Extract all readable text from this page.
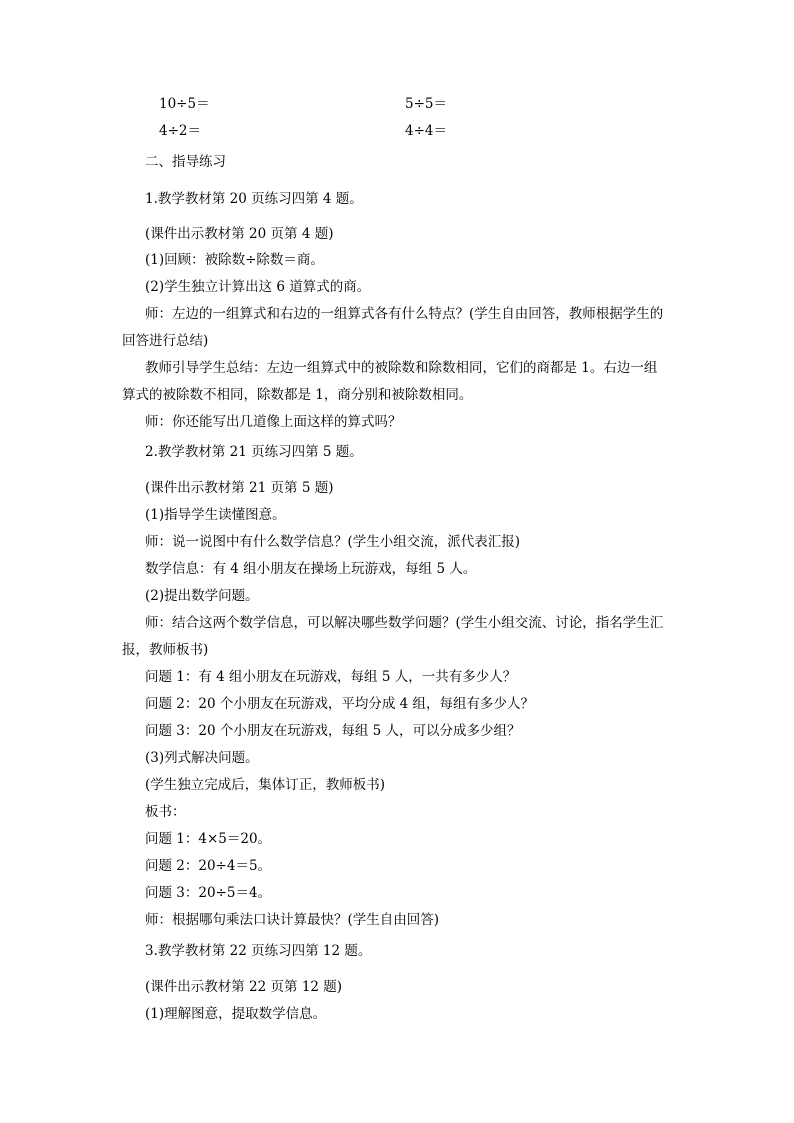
10÷5＝	5÷5＝
4÷2＝	4÷4＝
二、指导练习
1.教学教材第 20 页练习四第 4 题。
(课件出示教材第 20 页第 4 题)
(1)回顾：被除数÷除数＝商。
(2)学生独立计算出这 6 道算式的商。
师：左边的一组算式和右边的一组算式各有什么特点？(学生自由回答，教师根据学生的
回答进行总结)
教师引导学生总结：左边一组算式中的被除数和除数相同，它们的商都是 1。右边一组
算式的被除数不相同，除数都是 1，商分别和被除数相同。
师：你还能写出几道像上面这样的算式吗？
2.教学教材第 21 页练习四第 5 题。
(课件出示教材第 21 页第 5 题)
(1)指导学生读懂图意。
师：说一说图中有什么数学信息？(学生小组交流，派代表汇报)
数学信息：有 4 组小朋友在操场上玩游戏，每组 5 人。
(2)提出数学问题。
师：结合这两个数学信息，可以解决哪些数学问题？(学生小组交流、讨论，指名学生汇
报，教师板书)
问题 1：有 4 组小朋友在玩游戏，每组 5 人，一共有多少人？
问题 2：20 个小朋友在玩游戏，平均分成 4 组，每组有多少人？
问题 3：20 个小朋友在玩游戏，每组 5 人，可以分成多少组？
(3)列式解决问题。
(学生独立完成后，集体订正，教师板书)
板书：
问题 1：4×5＝20。
问题 2：20÷4＝5。
问题 3：20÷5＝4。
师：根据哪句乘法口诀计算最快？(学生自由回答)
3.教学教材第 22 页练习四第 12 题。
(课件出示教材第 22 页第 12 题)
(1)理解图意，提取数学信息。
